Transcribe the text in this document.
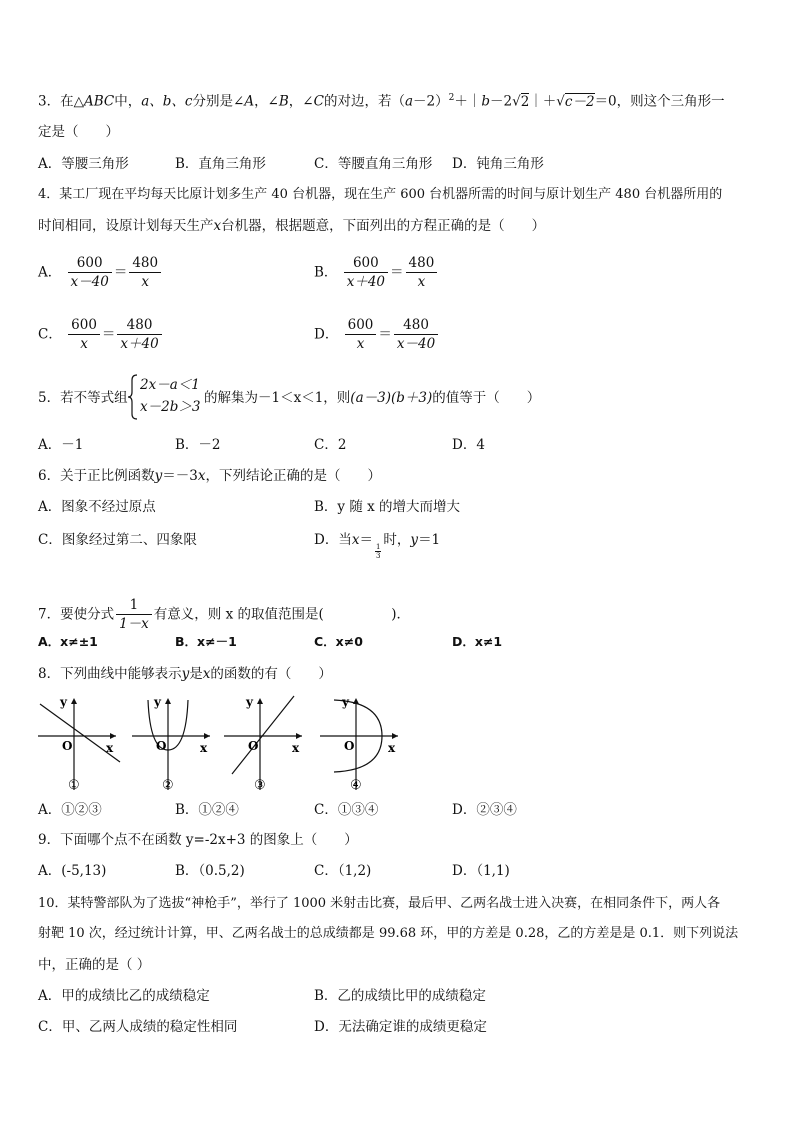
3．在△ABC中，a、b、c分别是∠A，∠B，∠C的对边，若$(a-2)^2+|b-2√2|+√c-2=0$，则这个三角形一
定是（　　）
A．等腰三角形	B．直角三角形	C．等腰直角三角形 D．钝角三角形
4．某工厂现在平均每天比原计划多生产 40 台机器，现在生产 600 台机器所需的时间与原计划生产 480 台机器所用的
时间相同，设原计划每天生产x台机器，根据题意，下面列出的方程正确的是（　　）
A． $\frac{600}{x-40} = \frac{480}{x}$	B． $\frac{600}{x+40} = \frac{480}{x}$
C． $\frac{600}{x} = \frac{480}{x+40}$	D． $\frac{600}{x} = \frac{480}{x-40}$
5．若不等式组
2x－a＜1
x－2b＞3
的解集为－1＜x＜1，则(a－3)(b＋3)的值等于（　　）
A．－1	B．－2	C．2	D．4
6．关于正比例函数y＝－3x，下列结论正确的是（　　）
A．图象不经过原点	B．y 随 x 的增大而增大
C．图象经过第二、四象限	D．当x＝
$\frac{1}{3}$
时，y＝1
7．要使分式 $\frac{1}{1-x}$ 有意义，则 x 的取值范围是(　　　　　)．
A．x≠±1	B．x≠－1	C．x≠0	D．x≠1
8．下列曲线中能够表示y是x的函数的有（　　）
y
x
O
①
y
x
O
②
y
x
O
③
y
x
O
④
A．①②③	B．①②④	C．①③④	D．②③④
9．下面哪个点不在函数 y=-2x+3 的图象上（　　）
A．(-5,13)	B．（0.5,2)	C．（1,2)	D．（1,1)
10．某特警部队为了选拔“神枪手”，举行了 1000 米射击比赛，最后甲、乙两名战士进入决赛，在相同条件下，两人各
射靶 10 次，经过统计计算，甲、乙两名战士的总成绩都是 99.68 环，甲的方差是 0.28，乙的方差是是 0.1．则下列说法
中，正确的是（ ）
A．甲的成绩比乙的成绩稳定	B．乙的成绩比甲的成绩稳定
C．甲、乙两人成绩的稳定性相同	D．无法确定谁的成绩更稳定
